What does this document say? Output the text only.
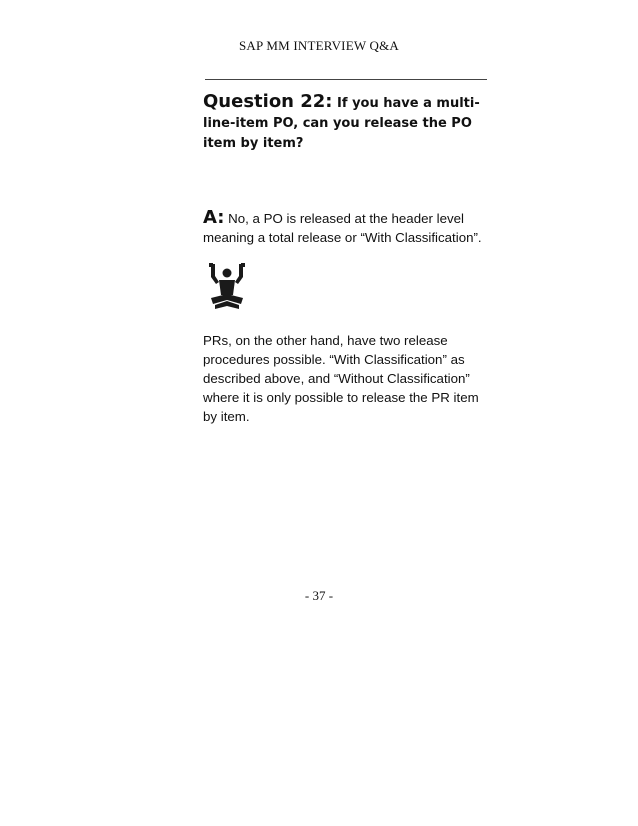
SAP MM INTERVIEW Q&A

Question 22: If you have a multi-line-item PO, can you release the PO item by item?

A: No, a PO is released at the header level meaning a total release or “With Classification”.

PRs, on the other hand, have two release procedures possible. “With Classification” as described above, and “Without Classification” where it is only possible to release the PR item by item.

- 37 -
